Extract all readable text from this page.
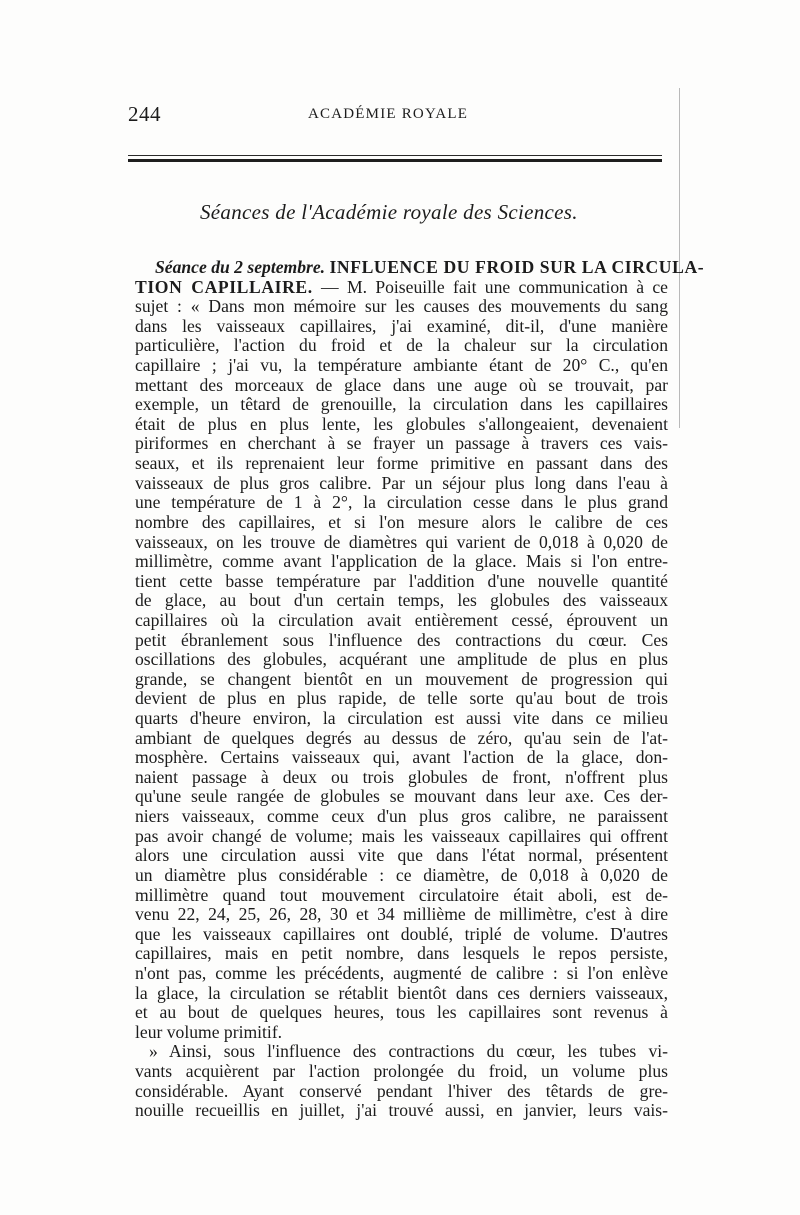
244	ACADÉMIE ROYALE
Séances de l'Académie royale des Sciences.
Séance du 2 septembre. INFLUENCE DU FROID SUR LA CIRCULA-
TION CAPILLAIRE. — M. Poiseuille fait une communication à ce
sujet : « Dans mon mémoire sur les causes des mouvements du sang
dans les vaisseaux capillaires, j'ai examiné, dit-il, d'une manière
particulière, l'action du froid et de la chaleur sur la circulation
capillaire ; j'ai vu, la température ambiante étant de 20° C., qu'en
mettant des morceaux de glace dans une auge où se trouvait, par
exemple, un têtard de grenouille, la circulation dans les capillaires
était de plus en plus lente, les globules s'allongeaient, devenaient
piriformes en cherchant à se frayer un passage à travers ces vais-
seaux, et ils reprenaient leur forme primitive en passant dans des
vaisseaux de plus gros calibre. Par un séjour plus long dans l'eau à
une température de 1 à 2°, la circulation cesse dans le plus grand
nombre des capillaires, et si l'on mesure alors le calibre de ces
vaisseaux, on les trouve de diamètres qui varient de 0,018 à 0,020 de
millimètre, comme avant l'application de la glace. Mais si l'on entre-
tient cette basse température par l'addition d'une nouvelle quantité
de glace, au bout d'un certain temps, les globules des vaisseaux
capillaires où la circulation avait entièrement cessé, éprouvent un
petit ébranlement sous l'influence des contractions du cœur. Ces
oscillations des globules, acquérant une amplitude de plus en plus
grande, se changent bientôt en un mouvement de progression qui
devient de plus en plus rapide, de telle sorte qu'au bout de trois
quarts d'heure environ, la circulation est aussi vite dans ce milieu
ambiant de quelques degrés au dessus de zéro, qu'au sein de l'at-
mosphère. Certains vaisseaux qui, avant l'action de la glace, don-
naient passage à deux ou trois globules de front, n'offrent plus
qu'une seule rangée de globules se mouvant dans leur axe. Ces der-
niers vaisseaux, comme ceux d'un plus gros calibre, ne paraissent
pas avoir changé de volume; mais les vaisseaux capillaires qui offrent
alors une circulation aussi vite que dans l'état normal, présentent
un diamètre plus considérable : ce diamètre, de 0,018 à 0,020 de
millimètre quand tout mouvement circulatoire était aboli, est de-
venu 22, 24, 25, 26, 28, 30 et 34 millième de millimètre, c'est à dire
que les vaisseaux capillaires ont doublé, triplé de volume. D'autres
capillaires, mais en petit nombre, dans lesquels le repos persiste,
n'ont pas, comme les précédents, augmenté de calibre : si l'on enlève
la glace, la circulation se rétablit bientôt dans ces derniers vaisseaux,
et au bout de quelques heures, tous les capillaires sont revenus à
leur volume primitif.
» Ainsi, sous l'influence des contractions du cœur, les tubes vi-
vants acquièrent par l'action prolongée du froid, un volume plus
considérable. Ayant conservé pendant l'hiver des têtards de gre-
nouille recueillis en juillet, j'ai trouvé aussi, en janvier, leurs vais-
